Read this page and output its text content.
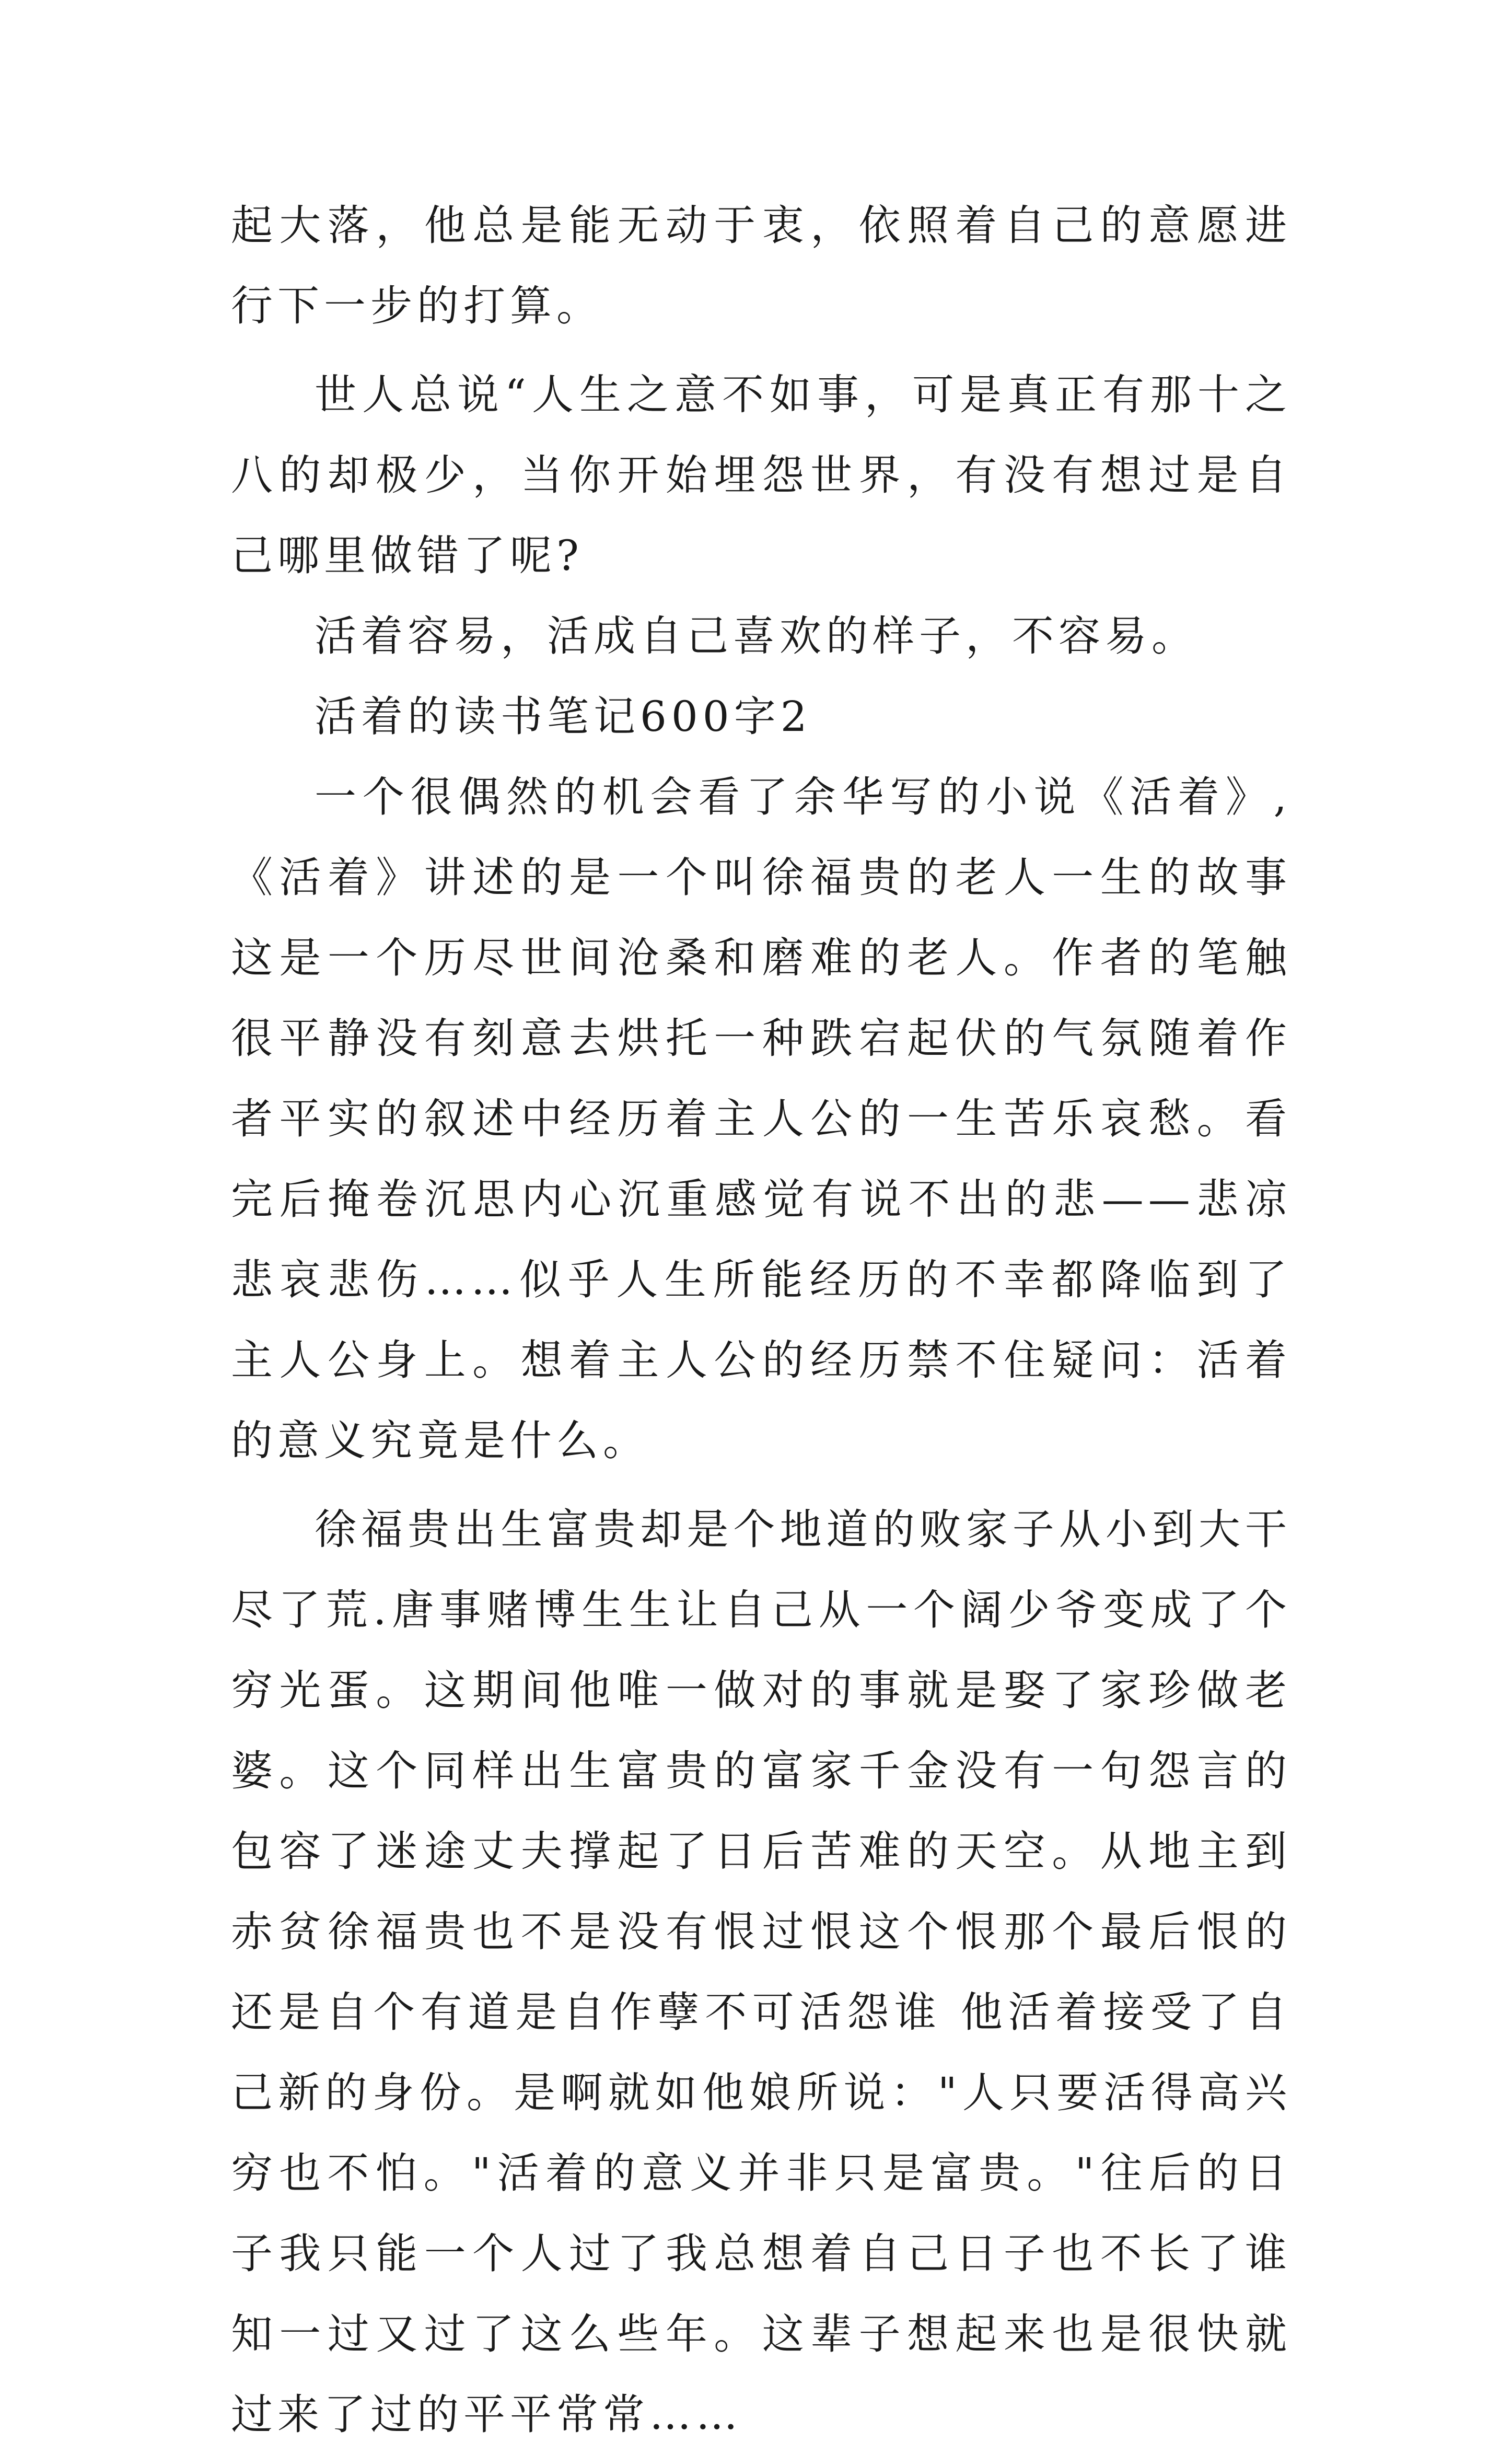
起大落，他总是能无动于衷，依照着自己的意愿进行下一步的打算。

世人总说“人生之意不如事，可是真正有那十之八的却极少，当你开始埋怨世界，有没有想过是自己哪里做错了呢?

活着容易，活成自己喜欢的样子，不容易。

活着的读书笔记600字2

一个很偶然的机会看了余华写的小说《活着》,《活着》讲述的是一个叫徐福贵的老人一生的故事这是一个历尽世间沧桑和磨难的老人。作者的笔触很平静没有刻意去烘托一种跌宕起伏的气氛随着作者平实的叙述中经历着主人公的一生苦乐哀愁。看完后掩卷沉思内心沉重感觉有说不出的悲——悲凉悲哀悲伤……似乎人生所能经历的不幸都降临到了主人公身上。想着主人公的经历禁不住疑问：活着的意义究竟是什么。

徐福贵出生富贵却是个地道的败家子从小到大干尽了荒.唐事赌博生生让自己从一个阔少爷变成了个穷光蛋。这期间他唯一做对的事就是娶了家珍做老婆。这个同样出生富贵的富家千金没有一句怨言的包容了迷途丈夫撑起了日后苦难的天空。从地主到赤贫徐福贵也不是没有恨过恨这个恨那个最后恨的还是自个有道是自作孽不可活怨谁 他活着接受了自己新的身份。是啊就如他娘所说："人只要活得高兴穷也不怕。"活着的意义并非只是富贵。"往后的日子我只能一个人过了我总想着自己日子也不长了谁知一过又过了这么些年。这辈子想起来也是很快就过来了过的平平常常……
